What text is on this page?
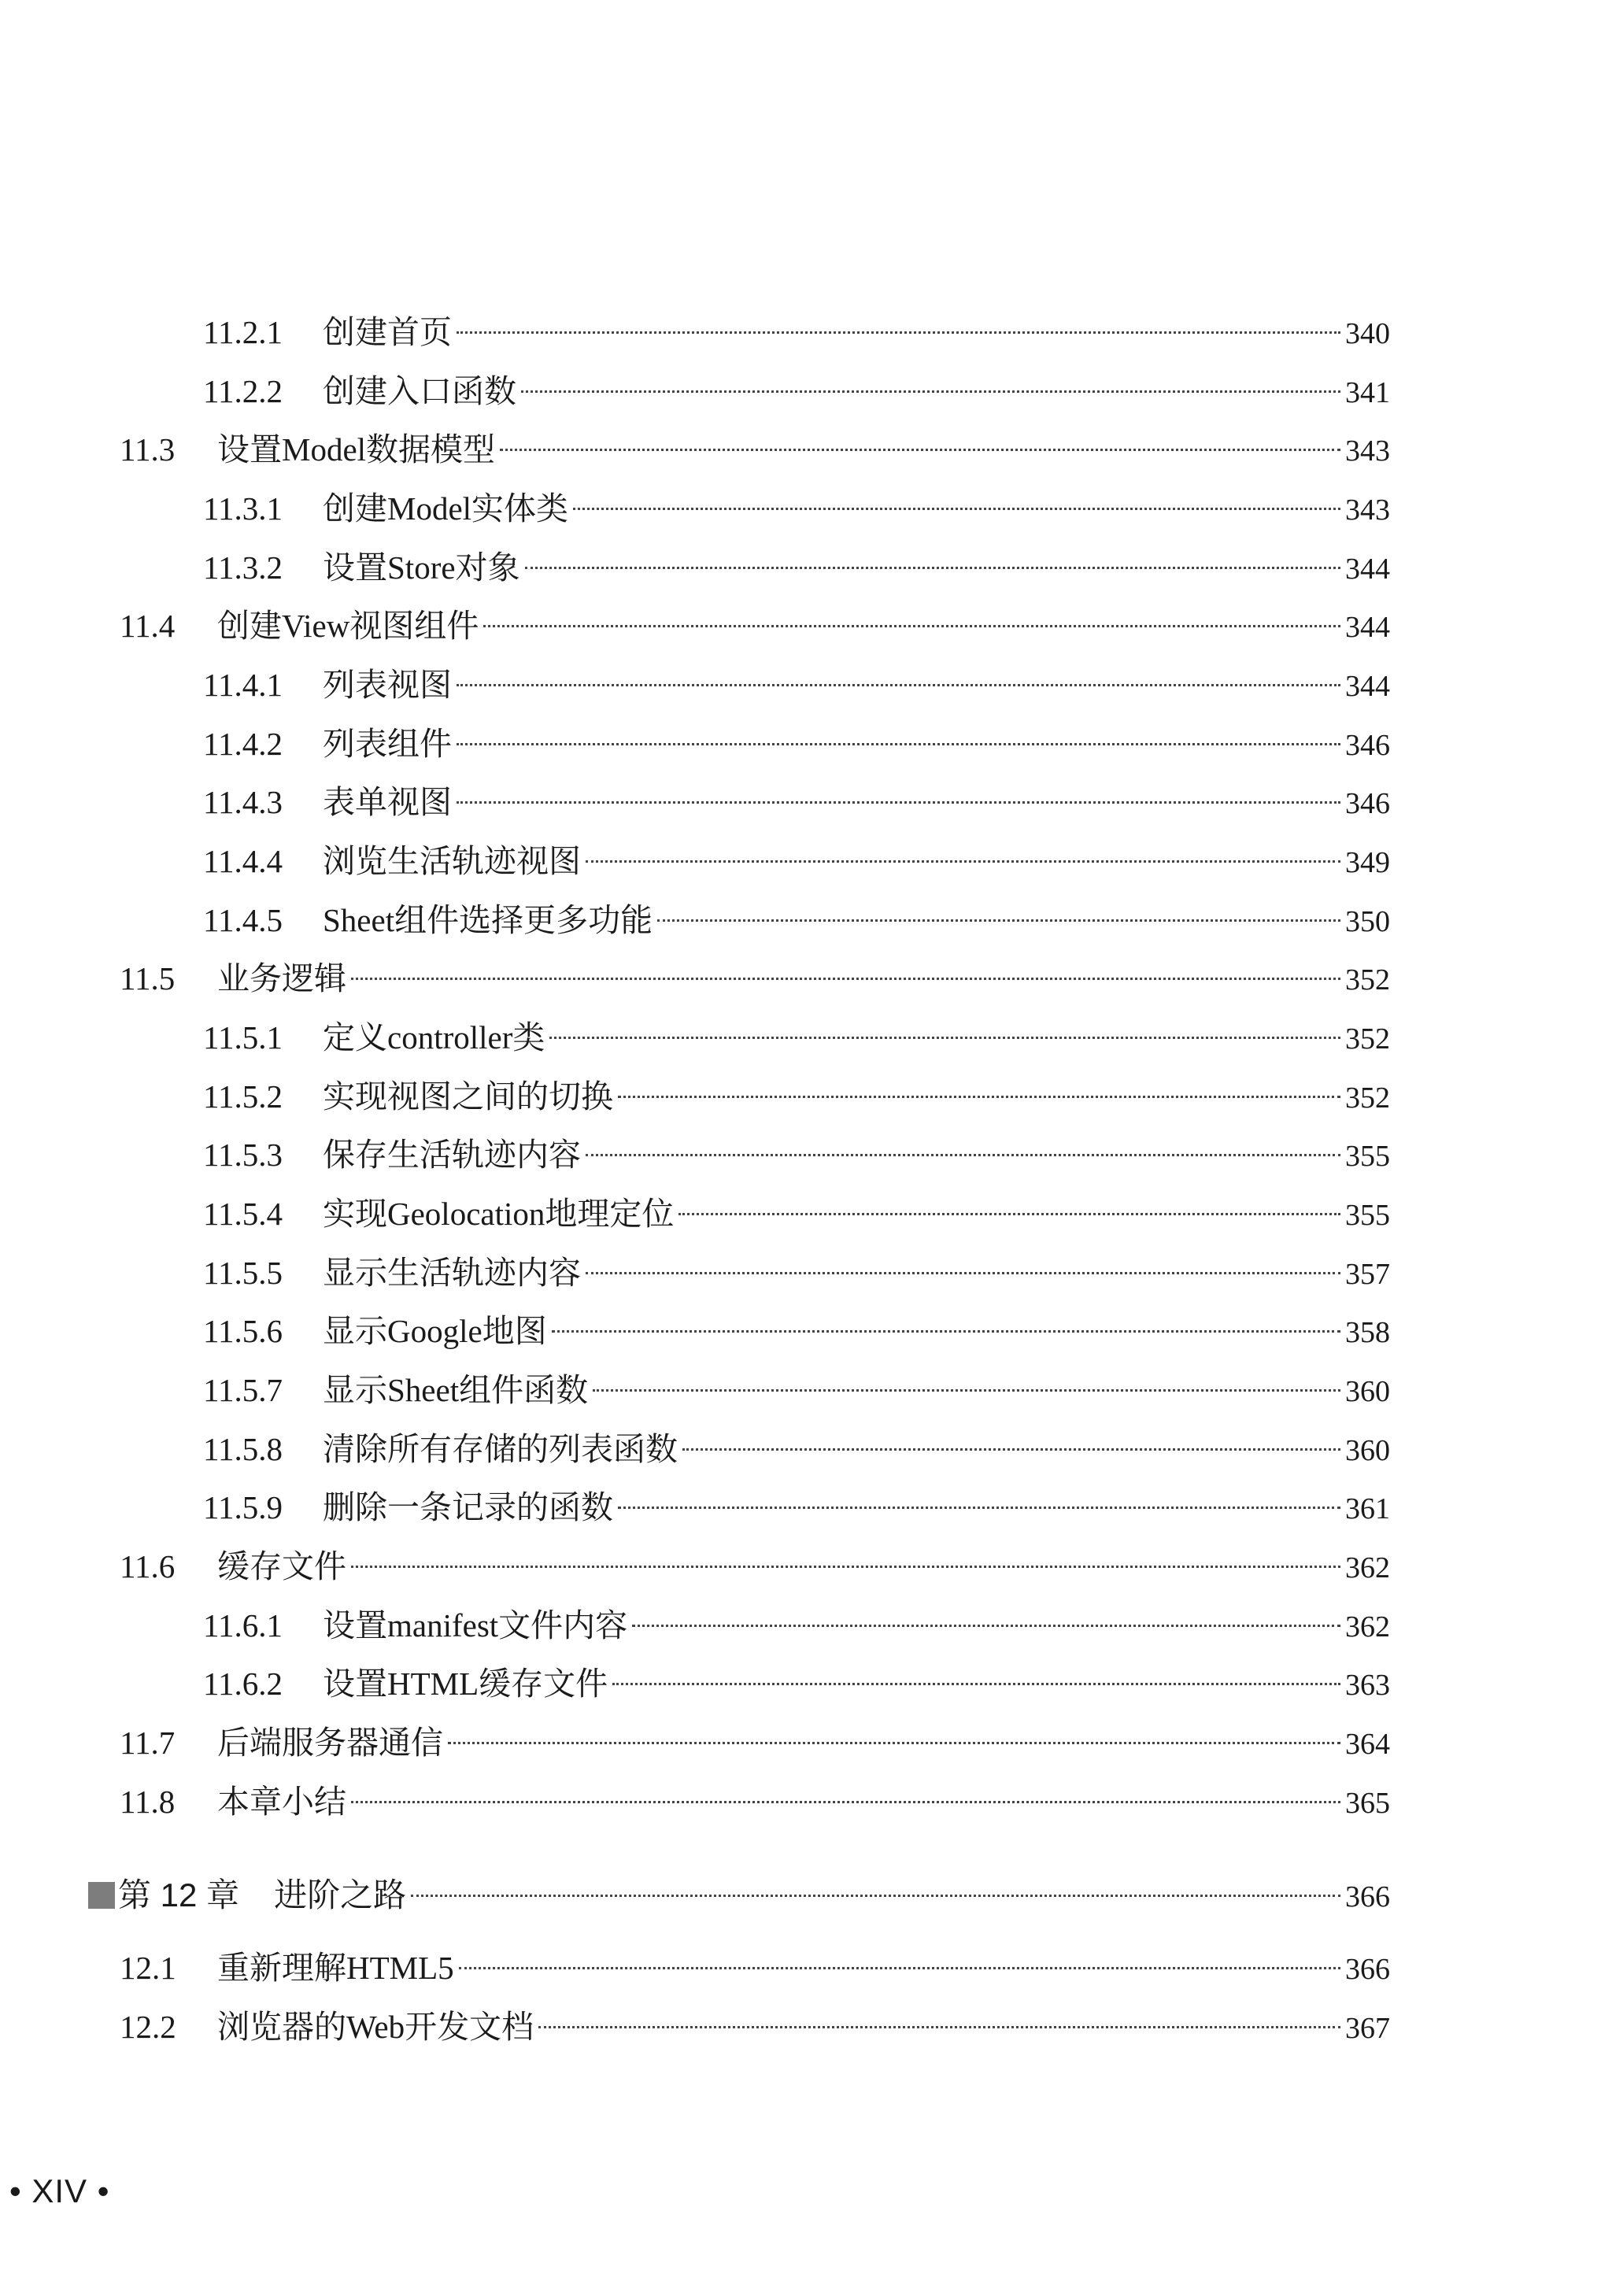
11.2.1	创建首页	340
11.2.2	创建入口函数	341
11.3	设置Model数据模型	343
11.3.1	创建Model实体类	343
11.3.2	设置Store对象	344
11.4	创建View视图组件	344
11.4.1	列表视图	344
11.4.2	列表组件	346
11.4.3	表单视图	346
11.4.4	浏览生活轨迹视图	349
11.4.5	Sheet组件选择更多功能	350
11.5	业务逻辑	352
11.5.1	定义controller类	352
11.5.2	实现视图之间的切换	352
11.5.3	保存生活轨迹内容	355
11.5.4	实现Geolocation地理定位	355
11.5.5	显示生活轨迹内容	357
11.5.6	显示Google地图	358
11.5.7	显示Sheet组件函数	360
11.5.8	清除所有存储的列表函数	360
11.5.9	删除一条记录的函数	361
11.6	缓存文件	362
11.6.1	设置manifest文件内容	362
11.6.2	设置HTML缓存文件	363
11.7	后端服务器通信	364
11.8	本章小结	365
第 12 章	进阶之路	366
12.1	重新理解HTML5	366
12.2	浏览器的Web开发文档	367
• XIV •
